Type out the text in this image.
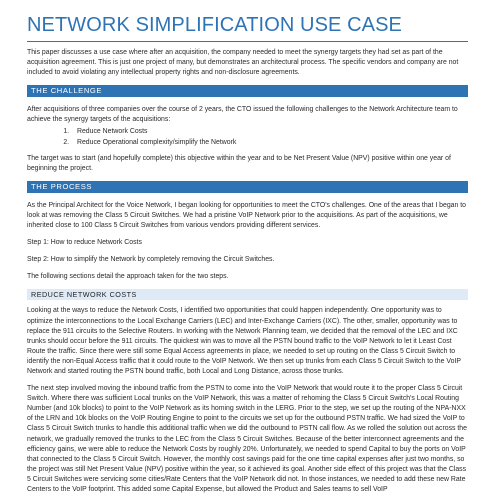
NETWORK SIMPLIFICATION USE CASE

This paper discusses a use case where after an acquisition, the company needed to meet the synergy targets they had set as part of the acquisition agreement. This is just one project of many, but demonstrates an architectural process. The specific vendors and company are not included to avoid violating any intellectual property rights and non-disclosure agreements.

THE CHALLENGE

After acquisitions of three companies over the course of 2 years, the CTO issued the following challenges to the Network Architecture team to achieve the synergy targets of the acquisitions:

1. Reduce Network Costs
2. Reduce Operational complexity/simplify the Network

The target was to start (and hopefully complete) this objective within the year and to be Net Present Value (NPV) positive within one year of beginning the project.

THE PROCESS

As the Principal Architect for the Voice Network, I began looking for opportunities to meet the CTO's challenges. One of the areas that I began to look at was removing the Class 5 Circuit Switches. We had a pristine VoIP Network prior to the acquisitions. As part of the acquisitions, we inherited close to 100 Class 5 Circuit Switches from various vendors providing different services.

Step 1: How to reduce Network Costs

Step 2: How to simplify the Network by completely removing the Circuit Switches.

The following sections detail the approach taken for the two steps.

REDUCE NETWORK COSTS

Looking at the ways to reduce the Network Costs, I identified two opportunities that could happen independently. One opportunity was to optimize the interconnections to the Local Exchange Carriers (LEC) and Inter-Exchange Carriers (IXC). The other, smaller, opportunity was to replace the 911 circuits to the Selective Routers. In working with the Network Planning team, we decided that the removal of the LEC and IXC trunks should occur before the 911 circuits. The quickest win was to move all the PSTN bound traffic to the VoIP Network to let it Least Cost Route the traffic. Since there were still some Equal Access agreements in place, we needed to set up routing on the Class 5 Circuit Switch to identify the non-Equal Access traffic that it could route to the VoIP Network. We then set up trunks from each Class 5 Circuit Switch to the VoIP Network and started routing the PSTN bound traffic, both Local and Long Distance, across those trunks.

The next step involved moving the inbound traffic from the PSTN to come into the VoIP Network that would route it to the proper Class 5 Circuit Switch. Where there was sufficient Local trunks on the VoIP Network, this was a matter of rehoming the Class 5 Circuit Switch's Local Routing Number (and 10k blocks) to point to the VoIP Network as its homing switch in the LERG. Prior to the step, we set up the routing of the NPA-NXX of the LRN and 10k blocks on the VoIP Routing Engine to point to the circuits we set up for the outbound PSTN traffic. We had sized the VoIP to Class 5 Circuit Switch trunks to handle this additional traffic when we did the outbound to PSTN call flow. As we rolled the solution out across the network, we gradually removed the trunks to the LEC from the Class 5 Circuit Switches. Because of the better interconnect agreements and the efficiency gains, we were able to reduce the Network Costs by roughly 20%. Unfortunately, we needed to spend Capital to buy the ports on VoIP that connected to the Class 5 Circuit Switch. However, the monthly cost savings paid for the one time capital expenses after just two months, so the project was still Net Present Value (NPV) positive within the year, so it achieved its goal. Another side effect of this project was that the Class 5 Circuit Switches were servicing some cities/Rate Centers that the VoIP Network did not. In those instances, we needed to add these new Rate Centers to the VoIP footprint. This added some Capital Expense, but allowed the Product and Sales teams to sell VoIP
